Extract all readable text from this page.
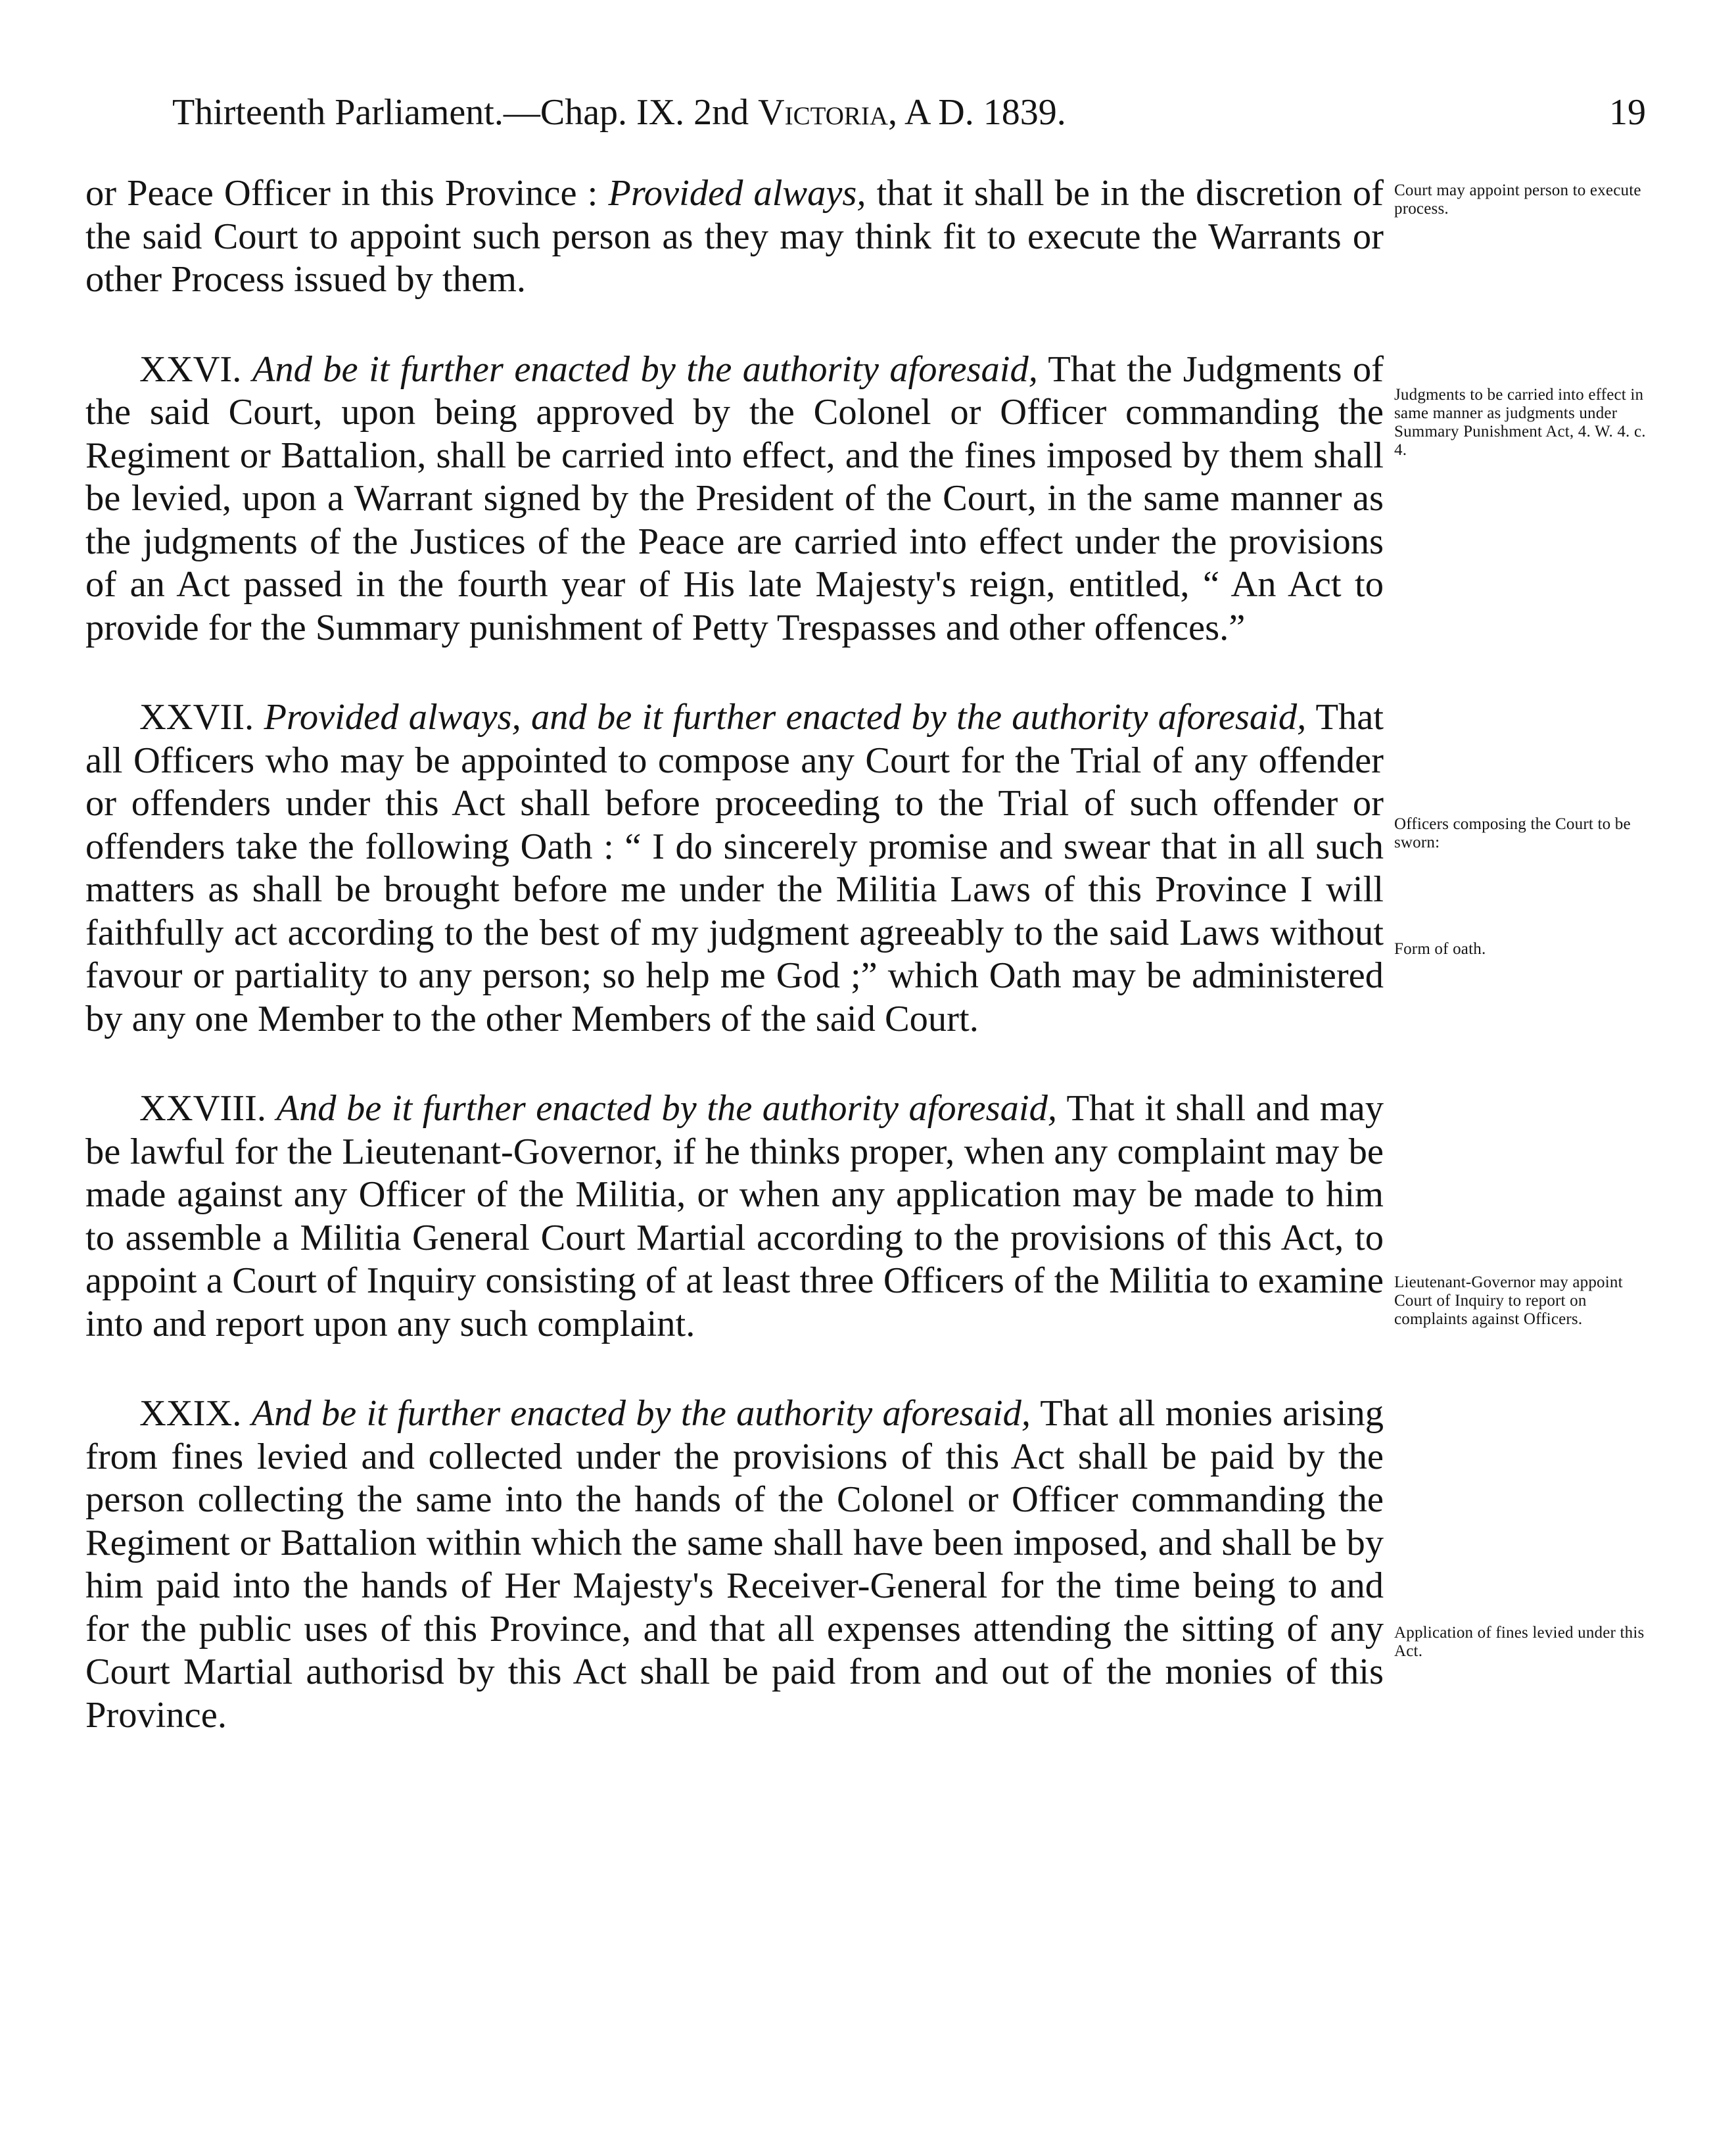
Thirteenth Parliament.—Chap. IX. 2nd Victoria, A D. 1839.	19

or Peace Officer in this Province : Provided always, that it shall be in the discretion of the said Court to appoint such person as they may think fit to execute the Warrants or other Process issued by them.

XXVI. And be it further enacted by the authority aforesaid, That the Judgments of the said Court, upon being approved by the Colonel or Officer commanding the Regiment or Battalion, shall be carried into effect, and the fines imposed by them shall be levied, upon a Warrant signed by the President of the Court, in the same manner as the judgments of the Justices of the Peace are carried into effect under the provisions of an Act passed in the fourth year of His late Majesty's reign, entitled, “ An Act to provide for the Summary punishment of Petty Trespasses and other offences.”

XXVII. Provided always, and be it further enacted by the authority aforesaid, That all Officers who may be appointed to compose any Court for the Trial of any offender or offenders under this Act shall before proceeding to the Trial of such offender or offenders take the following Oath : “ I do sincerely promise and swear that in all such matters as shall be brought before me under the Militia Laws of this Province I will faithfully act according to the best of my judgment agreeably to the said Laws without favour or partiality to any person; so help me God ;” which Oath may be administered by any one Member to the other Members of the said Court.

XXVIII. And be it further enacted by the authority aforesaid, That it shall and may be lawful for the Lieutenant-Governor, if he thinks proper, when any complaint may be made against any Officer of the Militia, or when any application may be made to him to assemble a Militia General Court Martial according to the provisions of this Act, to appoint a Court of Inquiry consisting of at least three Officers of the Militia to examine into and report upon any such complaint.

XXIX. And be it further enacted by the authority aforesaid, That all monies arising from fines levied and collected under the provisions of this Act shall be paid by the person collecting the same into the hands of the Colonel or Officer commanding the Regiment or Battalion within which the same shall have been imposed, and shall be by him paid into the hands of Her Majesty's Receiver-General for the time being to and for the public uses of this Province, and that all expenses attending the sitting of any Court Martial authorisd by this Act shall be paid from and out of the monies of this Province.

Court may appoint person to execute process.
Judgments to be carried into effect in same manner as judgments under Summary Punishment Act, 4. W. 4. c. 4.
Officers composing the Court to be sworn:
Form of oath.
Lieutenant-Governor may appoint Court of Inquiry to report on complaints against Officers.
Application of fines levied under this Act.
